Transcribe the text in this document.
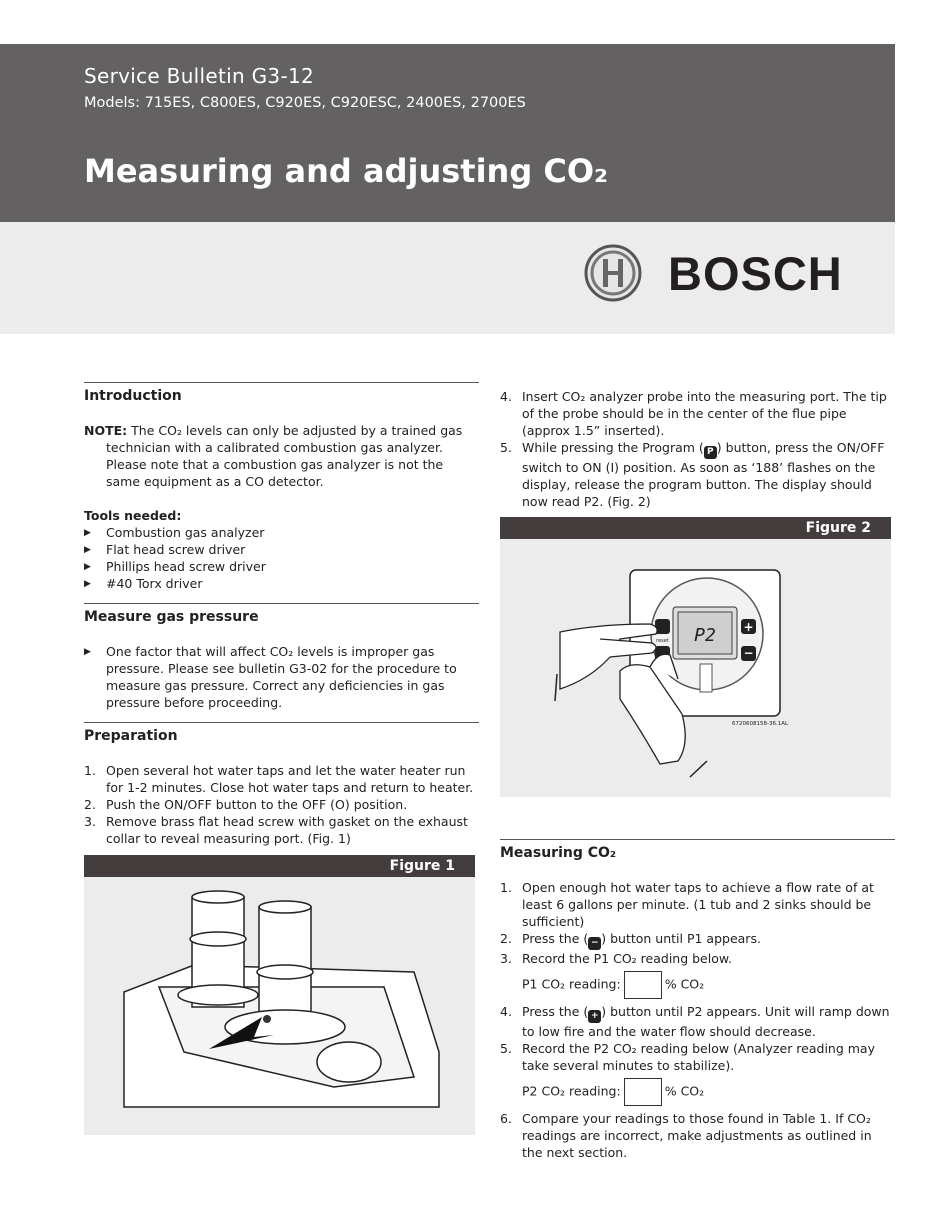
Service Bulletin G3-12
Models: 715ES, C800ES, C920ES, C920ESC, 2400ES, 2700ES
Measuring and adjusting CO₂
BOSCH
Introduction

NOTE: The CO₂ levels can only be adjusted by a trained gas technician with a calibrated combustion gas analyzer. Please note that a combustion gas analyzer is not the same equipment as a CO detector.

Tools needed:

▶ Combustion gas analyzer
▶ Flat head screw driver
▶ Phillips head screw driver
▶ #40 Torx driver
Measure gas pressure
▶ One factor that will affect CO₂ levels is improper gas pressure. Please see bulletin G3-02 for the procedure to measure gas pressure. Correct any deficiencies in gas pressure before proceeding.
Preparation
1. Open several hot water taps and let the water heater run for 1-2 minutes. Close hot water taps and return to heater.
2. Push the ON/OFF button to the OFF (O) position.
3. Remove brass flat head screw with gasket on the exhaust collar to reveal measuring port. (Fig. 1)
Figure 1
4. Insert CO₂ analyzer probe into the measuring port. The tip of the probe should be in the center of the flue pipe (approx 1.5” inserted).
5. While pressing the Program ( P ) button, press the ON/OFF switch to ON (I) position. As soon as ‘188’ flashes on the display, release the program button. The display should now read P2. (Fig. 2)
Figure 2
P2 +
−
reset
6720608158-36.1AL
Measuring CO₂
1. Open enough hot water taps to achieve a flow rate of at least 6 gallons per minute. (1 tub and 2 sinks should be sufficient)
2. Press the ( − ) button until P1 appears.
3. Record the P1 CO₂ reading below.
P1 CO₂ reading:	% CO₂
4. Press the ( + ) button until P2 appears. Unit will ramp down to low fire and the water flow should decrease.
5. Record the P2 CO₂ reading below (Analyzer reading may take several minutes to stabilize).
P2 CO₂ reading:	% CO₂
6. Compare your readings to those found in Table 1. If CO₂ readings are incorrect, make adjustments as outlined in the next section.
